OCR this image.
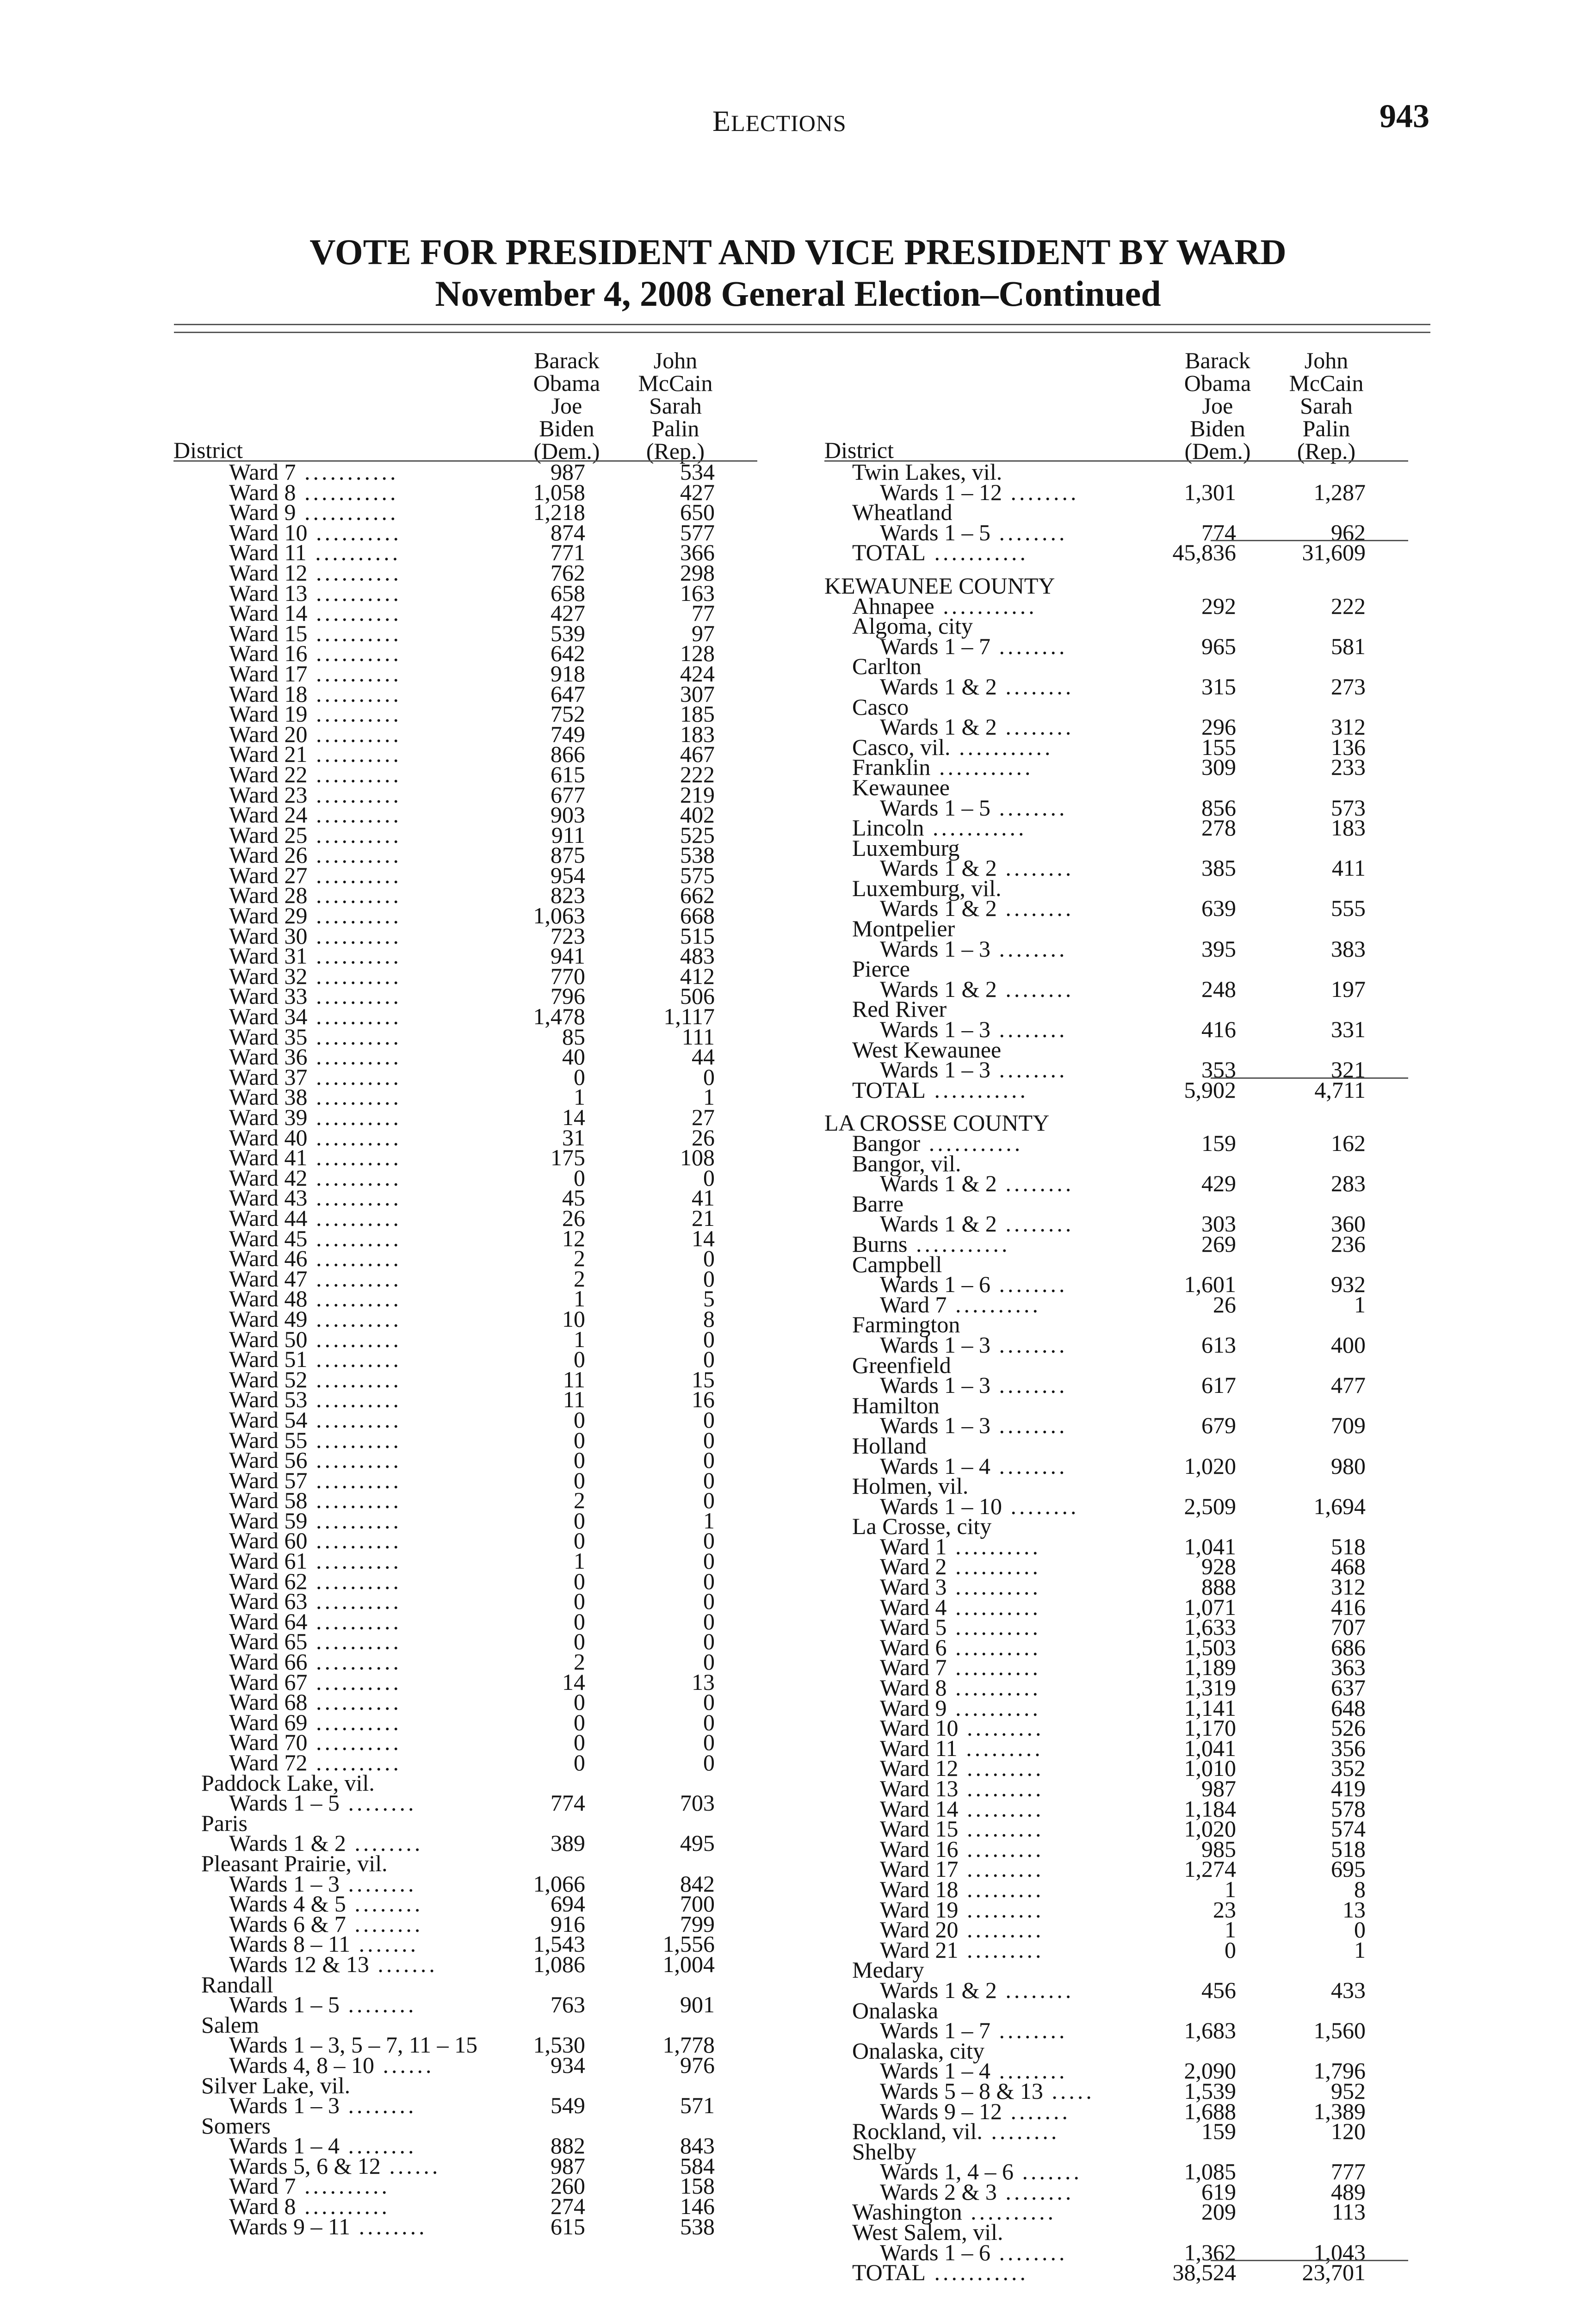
ELECTIONS	943
VOTE FOR PRESIDENT AND VICE PRESIDENT BY WARD
November 4, 2008 General Election–Continued
Barack
Obama
Joe
Biden
(Dem.)
John
McCain
Sarah
Palin
(Rep.)
District
Ward 7 ...........	987	534
Ward 8 ...........	1,058	427
Ward 9 ...........	1,218	650
Ward 10 ..........	874	577
Ward 11 ..........	771	366
Ward 12 ..........	762	298
Ward 13 ..........	658	163
Ward 14 ..........	427	77
Ward 15 ..........	539	97
Ward 16 ..........	642	128
Ward 17 ..........	918	424
Ward 18 ..........	647	307
Ward 19 ..........	752	185
Ward 20 ..........	749	183
Ward 21 ..........	866	467
Ward 22 ..........	615	222
Ward 23 ..........	677	219
Ward 24 ..........	903	402
Ward 25 ..........	911	525
Ward 26 ..........	875	538
Ward 27 ..........	954	575
Ward 28 ..........	823	662
Ward 29 ..........	1,063	668
Ward 30 ..........	723	515
Ward 31 ..........	941	483
Ward 32 ..........	770	412
Ward 33 ..........	796	506
Ward 34 ..........	1,478	1,117
Ward 35 ..........	85	111
Ward 36 ..........	40	44
Ward 37 ..........	0	0
Ward 38 ..........	1	1
Ward 39 ..........	14	27
Ward 40 ..........	31	26
Ward 41 ..........	175	108
Ward 42 ..........	0	0
Ward 43 ..........	45	41
Ward 44 ..........	26	21
Ward 45 ..........	12	14
Ward 46 ..........	2	0
Ward 47 ..........	2	0
Ward 48 ..........	1	5
Ward 49 ..........	10	8
Ward 50 ..........	1	0
Ward 51 ..........	0	0
Ward 52 ..........	11	15
Ward 53 ..........	11	16
Ward 54 ..........	0	0
Ward 55 ..........	0	0
Ward 56 ..........	0	0
Ward 57 ..........	0	0
Ward 58 ..........	2	0
Ward 59 ..........	0	1
Ward 60 ..........	0	0
Ward 61 ..........	1	0
Ward 62 ..........	0	0
Ward 63 ..........	0	0
Ward 64 ..........	0	0
Ward 65 ..........	0	0
Ward 66 ..........	2	0
Ward 67 ..........	14	13
Ward 68 ..........	0	0
Ward 69 ..........	0	0
Ward 70 ..........	0	0
Ward 72 ..........	0	0
Paddock Lake, vil.
Wards 1 – 5 ........	774	703
Paris
Wards 1 & 2 ........	389	495
Pleasant Prairie, vil.
Wards 1 – 3 ........	1,066	842
Wards 4 & 5 ........	694	700
Wards 6 & 7 ........	916	799
Wards 8 – 11 .......	1,543	1,556
Wards 12 & 13 .......	1,086	1,004
Randall
Wards 1 – 5 ........	763	901
Salem
Wards 1 – 3, 5 – 7, 11 – 15 1,530	1,778
Wards 4, 8 – 10 ......	934	976
Silver Lake, vil.
Wards 1 – 3 ........	549	571
Somers
Wards 1 – 4 ........	882	843
Wards 5, 6 & 12 ......	987	584
Ward 7 ..........	260	158
Ward 8 ..........	274	146
Wards 9 – 11 ........	615	538
Barack
Obama
Joe
Biden
(Dem.)
John
McCain
Sarah
Palin
(Rep.)
District
Twin Lakes, vil.
Wards 1 – 12 ........	1,301	1,287
Wheatland
Wards 1 – 5 ........	774	962
TOTAL ...........	45,836	31,609
KEWAUNEE COUNTY
Ahnapee ...........	292	222
Algoma, city
Wards 1 – 7 ........	965	581
Carlton
Wards 1 & 2 ........	315	273
Casco
Wards 1 & 2 ........	296	312
Casco, vil. ...........	155	136
Franklin ...........	309	233
Kewaunee
Wards 1 – 5 ........	856	573
Lincoln ...........	278	183
Luxemburg
Wards 1 & 2 ........	385	411
Luxemburg, vil.
Wards 1 & 2 ........	639	555
Montpelier
Wards 1 – 3 ........	395	383
Pierce
Wards 1 & 2 ........	248	197
Red River
Wards 1 – 3 ........	416	331
West Kewaunee
Wards 1 – 3 ........	353	321
TOTAL ...........	5,902	4,711
LA CROSSE COUNTY
Bangor ...........	159	162
Bangor, vil.
Wards 1 & 2 ........	429	283
Barre
Wards 1 & 2 ........	303	360
Burns ...........	269	236
Campbell
Wards 1 – 6 ........	1,601	932
Ward 7 ..........	26	1
Farmington
Wards 1 – 3 ........	613	400
Greenfield
Wards 1 – 3 ........	617	477
Hamilton
Wards 1 – 3 ........	679	709
Holland
Wards 1 – 4 ........	1,020	980
Holmen, vil.
Wards 1 – 10 ........	2,509	1,694
La Crosse, city
Ward 1 ..........	1,041	518
Ward 2 ..........	928	468
Ward 3 ..........	888	312
Ward 4 ..........	1,071	416
Ward 5 ..........	1,633	707
Ward 6 ..........	1,503	686
Ward 7 ..........	1,189	363
Ward 8 ..........	1,319	637
Ward 9 ..........	1,141	648
Ward 10 .........	1,170	526
Ward 11 .........	1,041	356
Ward 12 .........	1,010	352
Ward 13 .........	987	419
Ward 14 .........	1,184	578
Ward 15 .........	1,020	574
Ward 16 .........	985	518
Ward 17 .........	1,274	695
Ward 18 .........	1	8
Ward 19 .........	23	13
Ward 20 .........	1	0
Ward 21 .........	0	1
Medary
Wards 1 & 2 ........	456	433
Onalaska
Wards 1 – 7 ........	1,683	1,560
Onalaska, city
Wards 1 – 4 ........	2,090	1,796
Wards 5 – 8 & 13 .....	1,539	952
Wards 9 – 12 .......	1,688	1,389
Rockland, vil. ........	159	120
Shelby
Wards 1, 4 – 6 .......	1,085	777
Wards 2 & 3 ........	619	489
Washington ..........	209	113
West Salem, vil.
Wards 1 – 6 ........	1,362	1,043
TOTAL ...........	38,524	23,701
